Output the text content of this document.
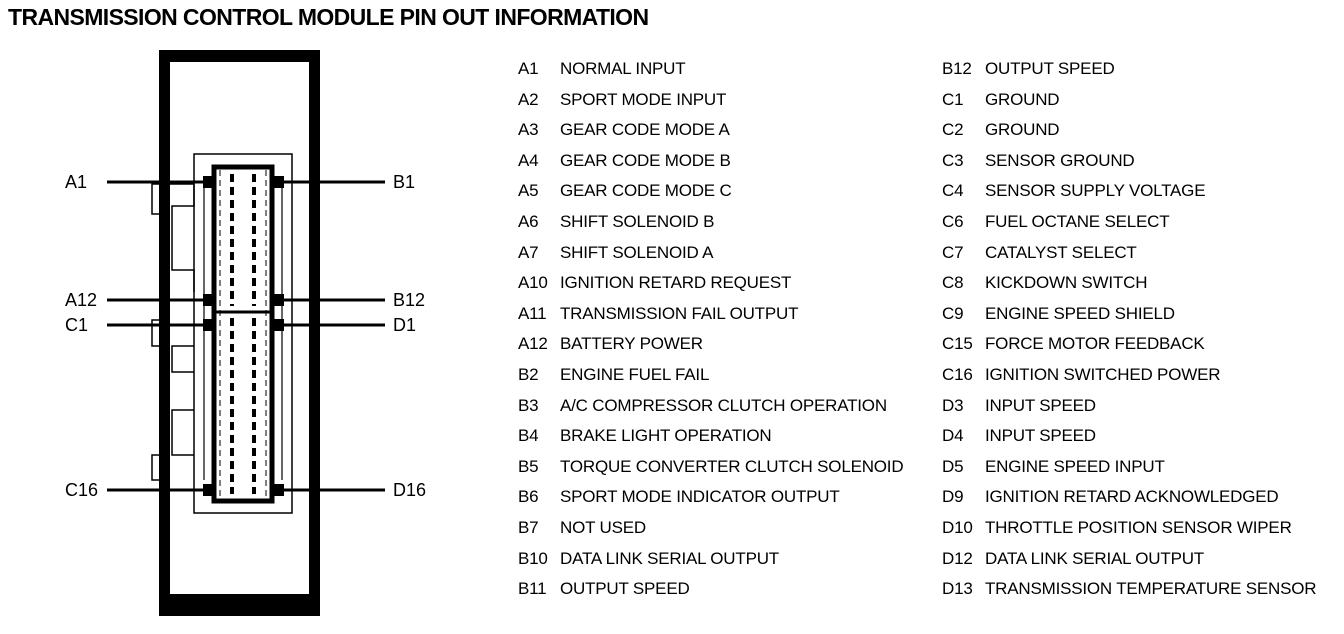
TRANSMISSION CONTROL MODULE PIN OUT INFORMATION
A1	B1
A12	B12
C1	D1
C16	D16
A1 NORMAL INPUT
A2 SPORT MODE INPUT
A3 GEAR CODE MODE A
A4 GEAR CODE MODE B
A5 GEAR CODE MODE C
A6 SHIFT SOLENOID B
A7 SHIFT SOLENOID A
A10 IGNITION RETARD REQUEST
A11 TRANSMISSION FAIL OUTPUT
A12 BATTERY POWER
B2 ENGINE FUEL FAIL
B3 A/C COMPRESSOR CLUTCH OPERATION
B4 BRAKE LIGHT OPERATION
B5 TORQUE CONVERTER CLUTCH SOLENOID
B6 SPORT MODE INDICATOR OUTPUT
B7 NOT USED
B10 DATA LINK SERIAL OUTPUT
B11 OUTPUT SPEED
B12 OUTPUT SPEED
C1 GROUND
C2 GROUND
C3 SENSOR GROUND
C4 SENSOR SUPPLY VOLTAGE
C6 FUEL OCTANE SELECT
C7 CATALYST SELECT
C8 KICKDOWN SWITCH
C9 ENGINE SPEED SHIELD
C15 FORCE MOTOR FEEDBACK
C16 IGNITION SWITCHED POWER
D3 INPUT SPEED
D4 INPUT SPEED
D5 ENGINE SPEED INPUT
D9 IGNITION RETARD ACKNOWLEDGED
D10 THROTTLE POSITION SENSOR WIPER
D12 DATA LINK SERIAL OUTPUT
D13 TRANSMISSION TEMPERATURE SENSOR
